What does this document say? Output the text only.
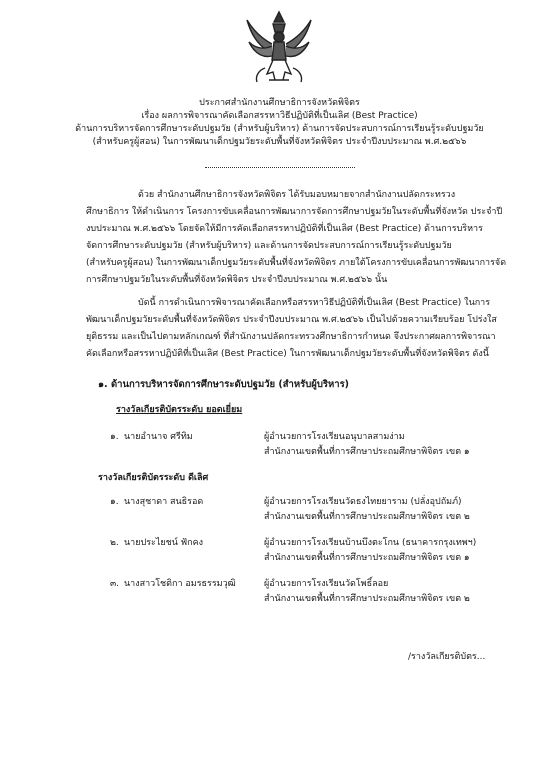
ประกาศสำนักงานศึกษาธิการจังหวัดพิจิตร
เรื่อง ผลการพิจารณาคัดเลือกสรรหาวิธีปฏิบัติที่เป็นเลิศ (Best Practice)
ด้านการบริหารจัดการศึกษาระดับปฐมวัย (สำหรับผู้บริหาร) ด้านการจัดประสบการณ์การเรียนรู้ระดับปฐมวัย
(สำหรับครูผู้สอน) ในการพัฒนาเด็กปฐมวัยระดับพื้นที่จังหวัดพิจิตร ประจำปีงบประมาณ พ.ศ.๒๕๖๖
ด้วย สำนักงานศึกษาธิการจังหวัดพิจิตร ได้รับมอบหมายจากสำนักงานปลัดกระทรวง
ศึกษาธิการ ให้ดำเนินการ โครงการขับเคลื่อนการพัฒนาการจัดการศึกษาปฐมวัยในระดับพื้นที่จังหวัด ประจำปี
งบประมาณ พ.ศ.๒๕๖๖ โดยจัดให้มีการคัดเลือกสรรหาปฏิบัติที่เป็นเลิศ (Best Practice) ด้านการบริหาร
จัดการศึกษาระดับปฐมวัย (สำหรับผู้บริหาร) และด้านการจัดประสบการณ์การเรียนรู้ระดับปฐมวัย
(สำหรับครูผู้สอน) ในการพัฒนาเด็กปฐมวัยระดับพื้นที่จังหวัดพิจิตร ภายใต้โครงการขับเคลื่อนการพัฒนาการจัด
การศึกษาปฐมวัยในระดับพื้นที่จังหวัดพิจิตร ประจำปีงบประมาณ พ.ศ.๒๕๖๖ นั้น
บัดนี้ การดำเนินการพิจารณาคัดเลือกหรือสรรหาวิธีปฏิบัติที่เป็นเลิศ (Best Practice) ในการ
พัฒนาเด็กปฐมวัยระดับพื้นที่จังหวัดพิจิตร ประจำปีงบประมาณ พ.ศ.๒๕๖๖ เป็นไปด้วยความเรียบร้อย โปร่งใส
ยุติธรรม และเป็นไปตามหลักเกณฑ์ ที่สำนักงานปลัดกระทรวงศึกษาธิการกำหนด จึงประกาศผลการพิจารณา
คัดเลือกหรือสรรหาปฏิบัติที่เป็นเลิศ (Best Practice) ในการพัฒนาเด็กปฐมวัยระดับพื้นที่จังหวัดพิจิตร ดังนี้
๑. ด้านการบริหารจัดการศึกษาระดับปฐมวัย (สำหรับผู้บริหาร)
รางวัลเกียรติบัตรระดับ ยอดเยี่ยม
๑. นายอำนาจ ศรีทิม	ผู้อำนวยการโรงเรียนอนุบาลสามง่าม
สำนักงานเขตพื้นที่การศึกษาประถมศึกษาพิจิตร เขต ๑
รางวัลเกียรติบัตรระดับ ดีเลิศ
๑. นางสุชาดา สนธิรอด	ผู้อำนวยการโรงเรียนวัดธงไทยยาราม (ปลั่งอุปถัมภ์)
สำนักงานเขตพื้นที่การศึกษาประถมศึกษาพิจิตร เขต ๒
๒. นายประไยชน์ ฟักคง	ผู้อำนวยการโรงเรียนบ้านบึงตะโกน (ธนาคารกรุงเทพฯ)
สำนักงานเขตพื้นที่การศึกษาประถมศึกษาพิจิตร เขต ๑
๓. นางสาวโชติกา อมรธรรมวุฒิ	ผู้อำนวยการโรงเรียนวัดโพธิ์ลอย
สำนักงานเขตพื้นที่การศึกษาประถมศึกษาพิจิตร เขต ๒
/รางวัลเกียรติบัตร...
